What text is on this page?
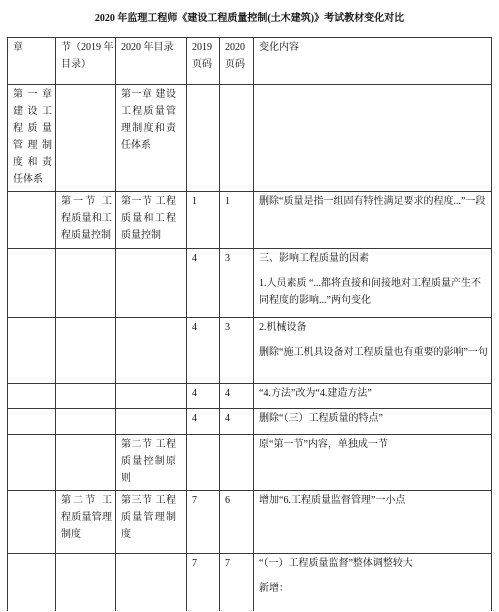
2020 年监理工程师《建设工程质量控制(土木建筑)》考试教材变化对比
章	节（2019 年目录）	2020 年目录	2019 页码	2020 页码	变化内容
第一章 建设工程质量管理制度和责任体系		第一章 建设工程质量管理制度和责任体系			
	第一节 工程质量和工程质量控制	第一节 工程质量和工程质量控制	1	1	删除“质量是指一组固有特性满足要求的程度...”一段

			4	3	三、影响工程质量的因素

1.人员素质 “...都将直接和间接地对工程质量产生不同程度的影响...”两句变化

			4	3	2.机械设备

删除“施工机具设备对工程质量也有重要的影响”一句

			4	4	“4.方法”改为“4.建造方法”

			4	4	删除“（三）工程质量的特点”

		第二节 工程质量控制原则			原“第一节”内容，单独成一节

	第二节 工程质量管理制度	第三节 工程质量管理制度	7	6	增加“6.工程质量监督管理”一小点

			7	7	“（一）工程质量监督”整体调整较大

新增：
